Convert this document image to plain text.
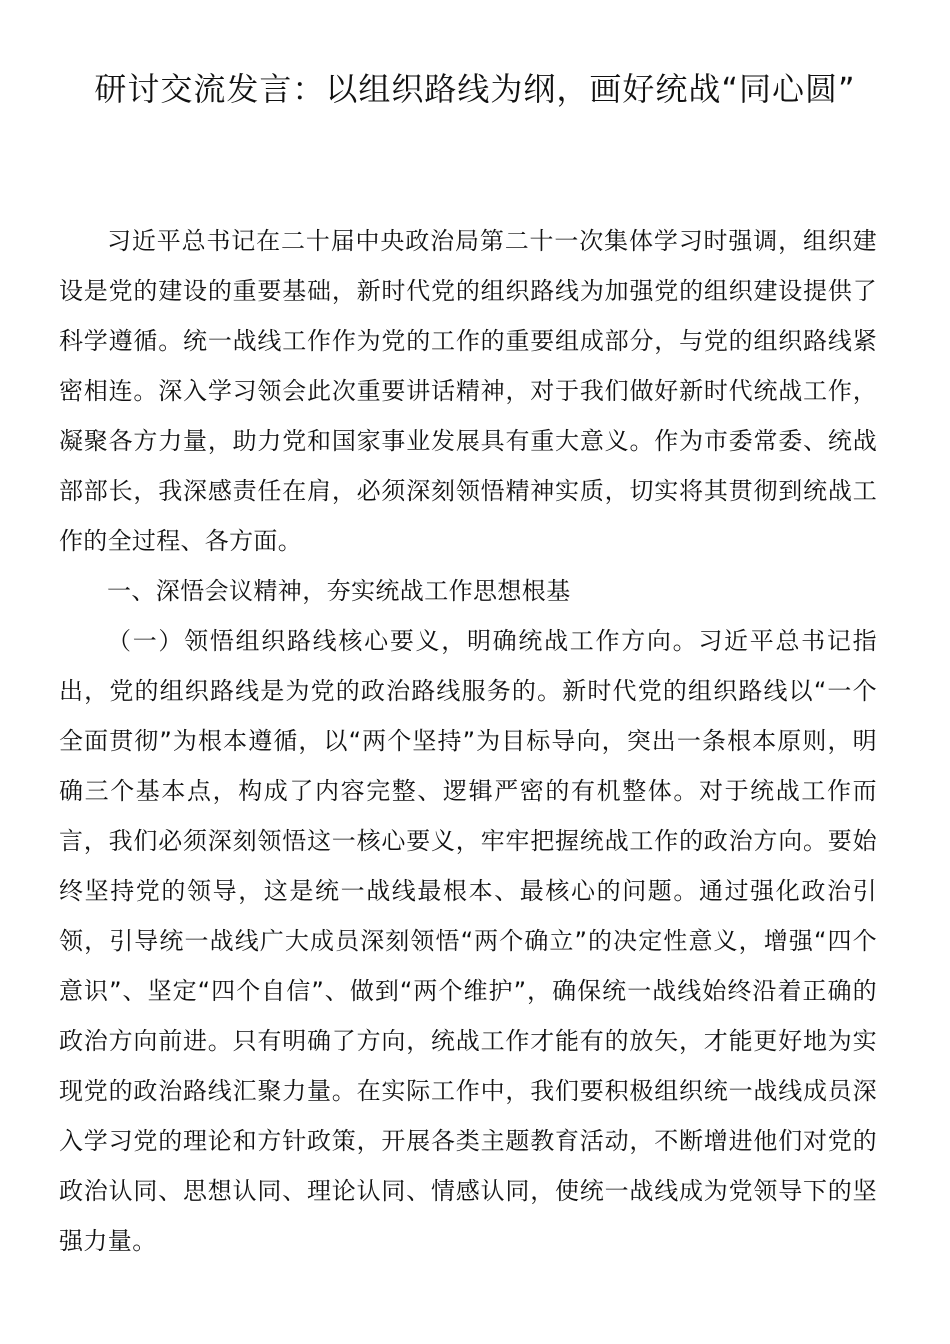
研讨交流发言：以组织路线为纲，画好统战“同心圆”

习近平总书记在二十届中央政治局第二十一次集体学习时强调，组织建设是党的建设的重要基础，新时代党的组织路线为加强党的组织建设提供了科学遵循。统一战线工作作为党的工作的重要组成部分，与党的组织路线紧密相连。深入学习领会此次重要讲话精神，对于我们做好新时代统战工作，凝聚各方力量，助力党和国家事业发展具有重大意义。作为市委常委、统战部部长，我深感责任在肩，必须深刻领悟精神实质，切实将其贯彻到统战工作的全过程、各方面。

一、深悟会议精神，夯实统战工作思想根基

（一）领悟组织路线核心要义，明确统战工作方向。习近平总书记指出，党的组织路线是为党的政治路线服务的。新时代党的组织路线以“一个全面贯彻”为根本遵循，以“两个坚持”为目标导向，突出一条根本原则，明确三个基本点，构成了内容完整、逻辑严密的有机整体。对于统战工作而言，我们必须深刻领悟这一核心要义，牢牢把握统战工作的政治方向。要始终坚持党的领导，这是统一战线最根本、最核心的问题。通过强化政治引领，引导统一战线广大成员深刻领悟“两个确立”的决定性意义，增强“四个意识”、坚定“四个自信”、做到“两个维护”，确保统一战线始终沿着正确的政治方向前进。只有明确了方向，统战工作才能有的放矢，才能更好地为实现党的政治路线汇聚力量。在实际工作中，我们要积极组织统一战线成员深入学习党的理论和方针政策，开展各类主题教育活动，不断增进他们对党的政治认同、思想认同、理论认同、情感认同，使统一战线成为党领导下的坚强力量。
